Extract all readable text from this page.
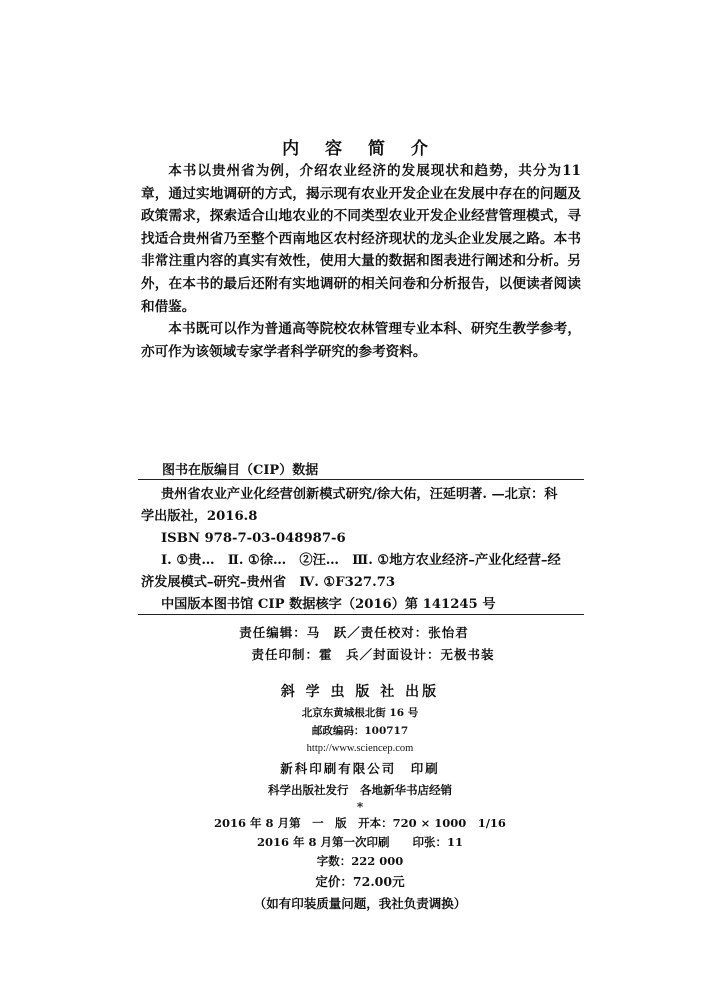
内 容 简 介

本书以贵州省为例，介绍农业经济的发展现状和趋势，共分为11章，通过实地调研的方式，揭示现有农业开发企业在发展中存在的问题及政策需求，探索适合山地农业的不同类型农业开发企业经营管理模式，寻找适合贵州省乃至整个西南地区农村经济现状的龙头企业发展之路。本书非常注重内容的真实有效性，使用大量的数据和图表进行阐述和分析。另外，在本书的最后还附有实地调研的相关问卷和分析报告，以便读者阅读和借鉴。

本书既可以作为普通高等院校农林管理专业本科、研究生教学参考，亦可作为该领域专家学者科学研究的参考资料。

图书在版编目（CIP）数据
贵州省农业产业化经营创新模式研究/徐大佑，汪延明著. —北京：科
学出版社，2016.8
ISBN 978-7-03-048987-6
Ⅰ. ①贵…　Ⅱ. ①徐…　②汪…　Ⅲ. ①地方农业经济–产业化经营–经
济发展模式–研究–贵州省　Ⅳ. ①F327.73
中国版本图书馆 CIP 数据核字（2016）第 141245 号
责任编辑：马　跃／责任校对：张怡君
责任印制：霍　兵／封面设计：无极书装
斜 学 虫 版 社 出版
北京东黄城根北街 16 号
邮政编码：100717
http://www.sciencep.com
新科印刷有限公司　印刷
科学出版社发行　各地新华书店经销
*
2016 年 8 月第　一　版　开本：720 × 1000　1/16
2016 年 8 月第一次印刷　　印张：11
字数：222 000
定价：72.00元
（如有印装质量问题，我社负责调换）
